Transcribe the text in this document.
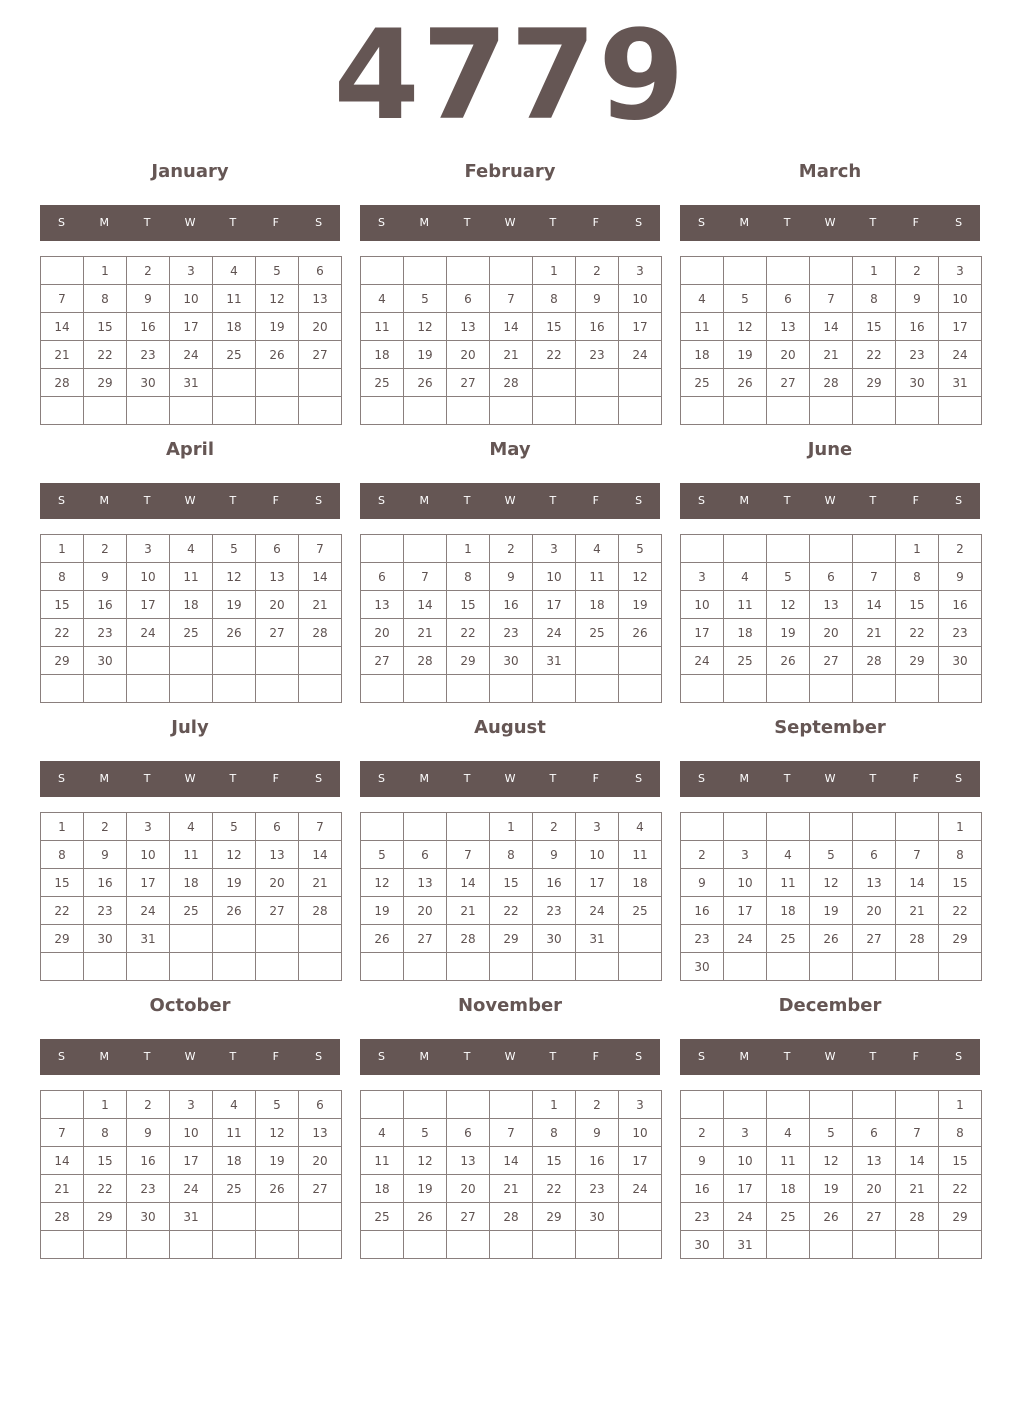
4779
January
S	M	T	W	T	F	S
	1	2	3	4	5	6
7	8	9	10	11	12	13
14	15	16	17	18	19	20
21	22	23	24	25	26	27
28	29	30	31			

February
S	M	T	W	T	F	S
				1	2	3
4	5	6	7	8	9	10
11	12	13	14	15	16	17
18	19	20	21	22	23	24
25	26	27	28			

March
S	M	T	W	T	F	S
				1	2	3
4	5	6	7	8	9	10
11	12	13	14	15	16	17
18	19	20	21	22	23	24
25	26	27	28	29	30	31

April
S	M	T	W	T	F	S
1	2	3	4	5	6	7
8	9	10	11	12	13	14
15	16	17	18	19	20	21
22	23	24	25	26	27	28
29	30					

May
S	M	T	W	T	F	S
		1	2	3	4	5
6	7	8	9	10	11	12
13	14	15	16	17	18	19
20	21	22	23	24	25	26
27	28	29	30	31		

June
S	M	T	W	T	F	S
					1	2
3	4	5	6	7	8	9
10	11	12	13	14	15	16
17	18	19	20	21	22	23
24	25	26	27	28	29	30

July
S	M	T	W	T	F	S
1	2	3	4	5	6	7
8	9	10	11	12	13	14
15	16	17	18	19	20	21
22	23	24	25	26	27	28
29	30	31				

August
S	M	T	W	T	F	S
			1	2	3	4
5	6	7	8	9	10	11
12	13	14	15	16	17	18
19	20	21	22	23	24	25
26	27	28	29	30	31	

September
S	M	T	W	T	F	S
						1
2	3	4	5	6	7	8
9	10	11	12	13	14	15
16	17	18	19	20	21	22
23	24	25	26	27	28	29
30						
October
S	M	T	W	T	F	S
	1	2	3	4	5	6
7	8	9	10	11	12	13
14	15	16	17	18	19	20
21	22	23	24	25	26	27
28	29	30	31			

November
S	M	T	W	T	F	S
				1	2	3
4	5	6	7	8	9	10
11	12	13	14	15	16	17
18	19	20	21	22	23	24
25	26	27	28	29	30	

December
S	M	T	W	T	F	S
						1
2	3	4	5	6	7	8
9	10	11	12	13	14	15
16	17	18	19	20	21	22
23	24	25	26	27	28	29
30	31					
